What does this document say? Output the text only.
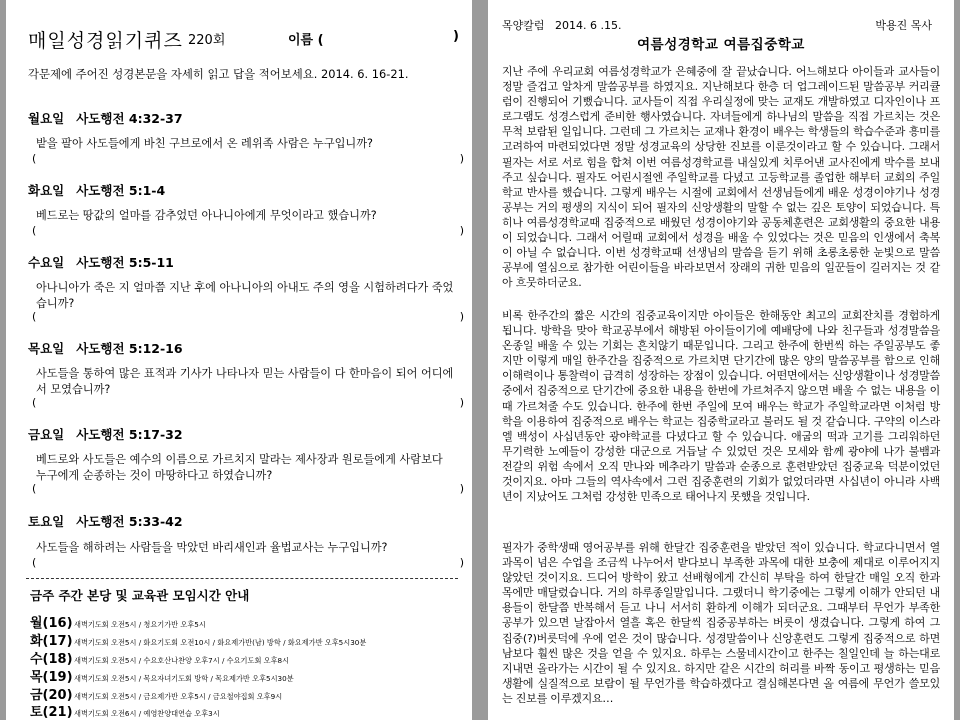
매일성경읽기퀴즈 220회	이름 (	)
각문제에 주어진 성경본문을 자세히 읽고 답을 적어보세요. 2014. 6. 16-21.
월요일 사도행전 4:32-37
밭을 팔아 사도들에게 바친 구브로에서 온 레위족 사람은 누구입니까?
(	)
화요일 사도행전 5:1-4
베드로는 땅값의 얼마를 감추었던 아나니아에게 무엇이라고 했습니까?
(	)
수요일 사도행전 5:5-11
아나니아가 죽은 지 얼마쯤 지난 후에 아나니아의 아내도 주의 영을 시험하려다가 죽었습니까?
(	)
목요일 사도행전 5:12-16
사도들을 통하여 많은 표적과 기사가 나타나자 믿는 사람들이 다 한마음이 되어 어디에서 모였습니까?
(	)
금요일 사도행전 5:17-32
베드로와 사도들은 예수의 이름으로 가르치지 말라는 제사장과 원로들에게 사람보다 누구에게 순종하는 것이 마땅하다고 하였습니까?
(	)
토요일 사도행전 5:33-42
사도들을 해하려는 사람들을 막았던 바리새인과 율법교사는 누구입니까?
(	)
금주 주간 본당 및 교육관 모임시간 안내
월(16)새벽기도회 오전5시 / 청요기가반 오후5시
화(17)새벽기도회 오전5시 / 화요기도회 오전10시 / 화요제가반(남) 방학 / 화요제가반 오후5시30분
수(18)새벽기도회 오전5시 / 수요호산나찬양 오후7시 / 수요기도회 오후8시
목(19)새벽기도회 오전5시 / 목요자녀기도회 방학 / 목요제가반 오후5시30분
금(20)새벽기도회 오전5시 / 금요제가반 오후5시 / 금요철야집회 오후9시
토(21)새벽기도회 오전6시 / 예영찬양대연습 오후3시
목양칼럼 2014. 6 .15.	박용진 목사
여름성경학교 여름집중학교
지난 주에 우리교회 여름성경학교가 은혜중에 잘 끝났습니다. 어느해보다 아이들과 교사들이 정말 즐겁고 알차게 말씀공부를 하였지요. 지난해보다 한층 더 업그레이드된 말씀공부 커리큘럼이 진행되어 기뻤습니다. 교사들이 직접 우리실정에 맞는 교재도 개발하였고 디자인이나 프로그램도 성경스럽게 준비한 행사였습니다. 자녀들에게 하나님의 말씀을 직접 가르치는 것은 무척 보람된 일입니다. 그런데 그 가르치는 교재나 환경이 배우는 학생들의 학습수준과 흥미를 고려하여 마련되었다면 정말 성경교육의 상당한 진보를 이룬것이라고 할 수 있습니다. 그래서 필자는 서로 서로 힘을 합쳐 이번 여름성경학교를 내실있게 치루어낸 교사진에게 박수를 보내주고 싶습니다. 필자도 어린시절엔 주일학교를 다녔고 고등학교를 졸업한 해부터 교회의 주일학교 반사를 했습니다. 그렇게 배우는 시절에 교회에서 선생님들에게 배운 성경이야기나 성경공부는 거의 평생의 지식이 되어 필자의 신앙생활의 말할 수 없는 깊은 토양이 되었습니다. 특히나 여름성경학교때 집중적으로 배웠던 성경이야기와 공동체훈련은 교회생활의 중요한 내용이 되었습니다. 그래서 어릴때 교회에서 성경을 배울 수 있었다는 것은 믿음의 인생에서 축복이 아닐 수 없습니다. 이번 성경학교때 선생님의 말씀을 듣기 위해 초롱초롱한 눈빛으로 말씀공부에 열심으로 참가한 어린이들을 바라보면서 장래의 귀한 믿음의 일꾼들이 길러지는 것 같아 흐뭇하더군요.
비록 한주간의 짧은 시간의 집중교육이지만 아이들은 한해동안 최고의 교회잔치를 경험하게 됩니다. 방학을 맞아 학교공부에서 해방된 아이들이기에 예배당에 나와 친구들과 성경말씀을 온종일 배울 수 있는 기회는 흔치않기 때문입니다. 그리고 한주에 한번씩 하는 주일공부도 좋지만 이렇게 매일 한주간을 집중적으로 가르치면 단기간에 많은 양의 말씀공부를 함으로 인해 이해력이나 통찰력이 급격히 성장하는 장점이 있습니다. 어떤면에서는 신앙생활이나 성경말씀 중에서 집중적으로 단기간에 중요한 내용을 한번에 가르쳐주지 않으면 배울 수 없는 내용을 이때 가르쳐줄 수도 있습니다. 한주에 한번 주일에 모여 배우는 학교가 주일학교라면 이처럼 방학을 이용하여 집중적으로 배우는 학교는 집중학교라고 불러도 될 것 같습니다. 구약의 이스라엘 백성이 사십년동안 광야학교를 다녔다고 할 수 있습니다. 애굽의 떡과 고기를 그리워하던 무기력한 노예들이 강성한 대군으로 거듭날 수 있었던 것은 모세와 함께 광야에 나가 불뱀과 전갈의 위험 속에서 오직 만나와 메추라기 말씀과 순종으로 훈련받았던 집중교육 덕분이었던 것이지요. 아마 그들의 역사속에서 그런 집중훈련의 기회가 없었더라면 사십년이 아니라 사백년이 지났어도 그처럼 강성한 민족으로 태어나지 못했을 것입니다.
필자가 중학생때 영어공부를 위해 한달간 집중훈련을 받았던 적이 있습니다. 학교다니면서 열과목이 넘은 수업을 조금씩 나누어서 받다보니 부족한 과목에 대한 보충에 제대로 이루어지지 않았던 것이지요. 드디어 방학이 왔고 선배형에게 간신히 부탁을 하여 한달간 매일 오직 한과목에만 매달렸습니다. 거의 하루종일말입니다. 그랬더니 학기중에는 그렇게 이해가 안되던 내용들이 한달쯤 반복해서 듣고 나니 서서히 환하게 이해가 되더군요. 그때부터 무언가 부족한 공부가 있으면 날잡아서 열흘 혹은 한달씩 집중공부하는 버릇이 생겼습니다. 그렇게 하여 그 집중(?)버릇덕에 우에 얻은 것이 많습니다. 성경말씀이나 신앙훈련도 그렇게 집중적으로 하면 남보다 훨씬 많은 것을 얻을 수 있지요. 하루는 스물네시간이고 한주는 칠일인데 늘 하는대로 지내면 올라가는 시간이 될 수 있지요. 하지만 같은 시간의 허리를 바짝 동이고 평생하는 믿음생활에 실질적으로 보람이 될 무언가를 학습하겠다고 결심해본다면 올 여름에 무언가 쓸모있는 진보를 이루겠지요…
